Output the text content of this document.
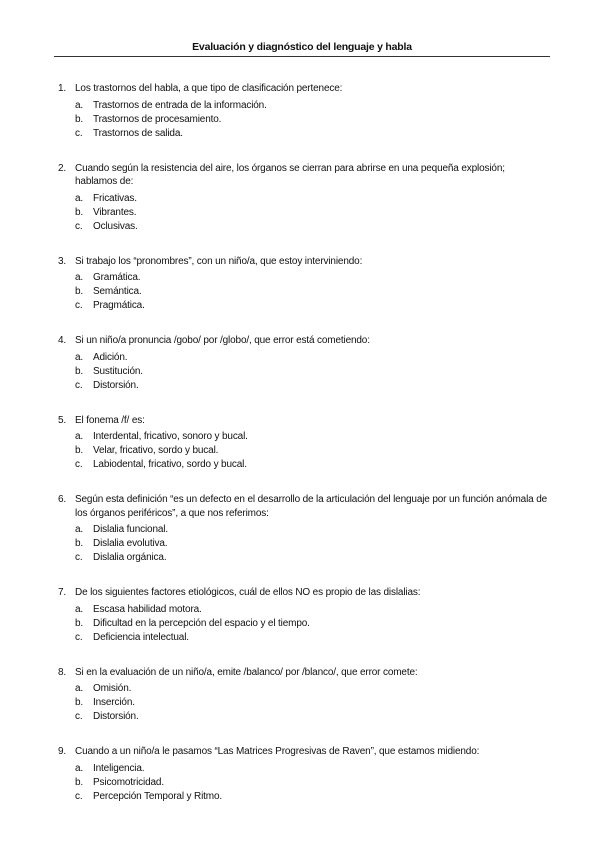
Evaluación y diagnóstico del lenguaje y habla
1. Los trastornos del habla, a que tipo de clasificación pertenece:
a. Trastornos de entrada de la información.
b. Trastornos de procesamiento.
c. Trastornos de salida.
2. Cuando según la resistencia del aire, los órganos se cierran para abrirse en una pequeña explosión; hablamos de:
a. Fricativas.
b. Vibrantes.
c. Oclusivas.
3. Si trabajo los “pronombres”, con un niño/a, que estoy interviniendo:
a. Gramática.
b. Semántica.
c. Pragmática.
4. Si un niño/a pronuncia /gobo/ por /globo/, que error está cometiendo:
a. Adición.
b. Sustitución.
c. Distorsión.
5. El fonema /f/ es:
a. Interdental, fricativo, sonoro y bucal.
b. Velar, fricativo, sordo y bucal.
c. Labiodental, fricativo, sordo y bucal.
6. Según esta definición “es un defecto en el desarrollo de la articulación del lenguaje por un función anómala de los órganos periféricos”, a que nos referimos:
a. Dislalia funcional.
b. Dislalia evolutiva.
c. Dislalia orgánica.
7. De los siguientes factores etiológicos, cuál de ellos NO es propio de las dislalias:
a. Escasa habilidad motora.
b. Dificultad en la percepción del espacio y el tiempo.
c. Deficiencia intelectual.
8. Si en la evaluación de un niño/a, emite /balanco/ por /blanco/, que error comete:
a. Omisión.
b. Inserción.
c. Distorsión.
9. Cuando a un niño/a le pasamos “Las Matrices Progresivas de Raven”, que estamos midiendo:
a. Inteligencia.
b. Psicomotricidad.
c. Percepción Temporal y Ritmo.
